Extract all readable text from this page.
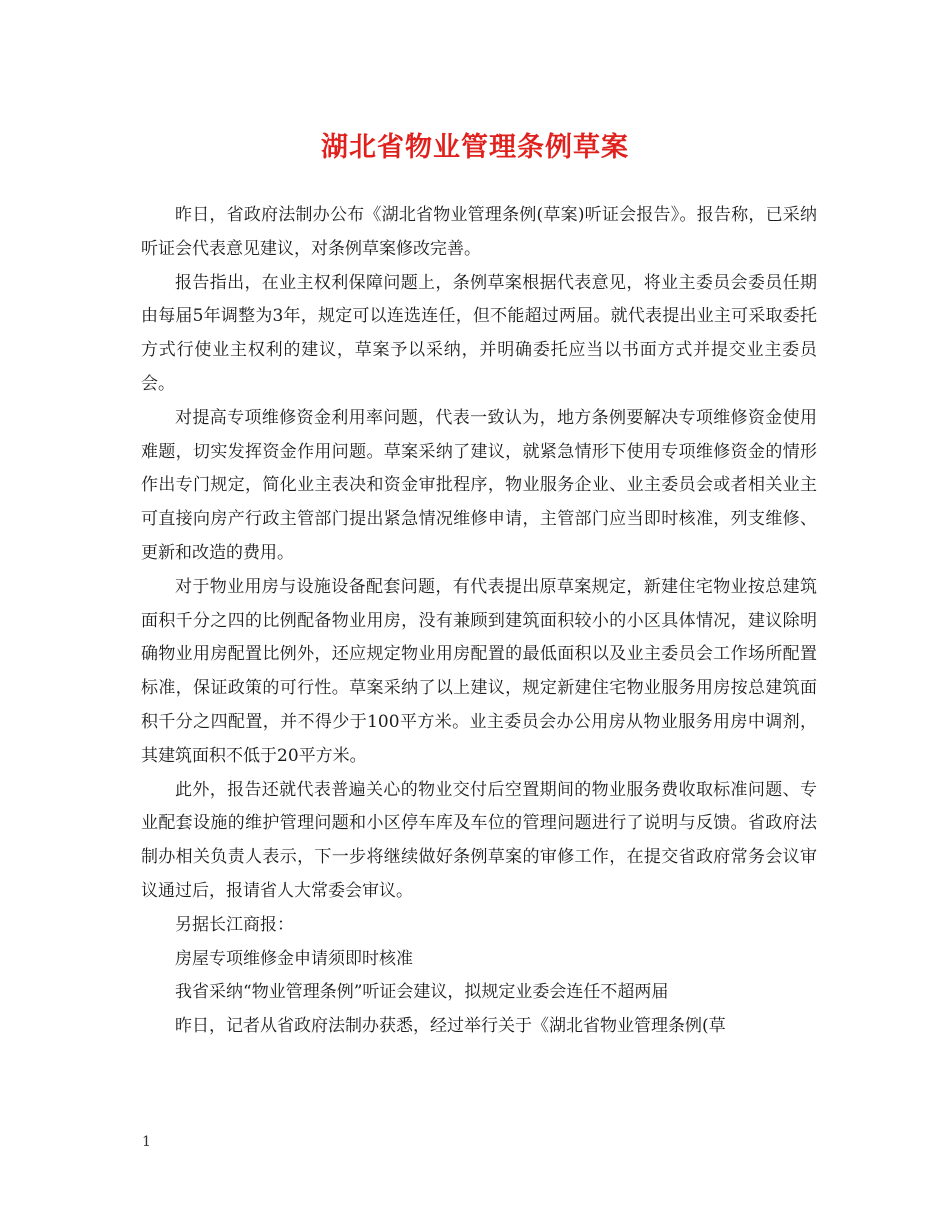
湖北省物业管理条例草案

昨日，省政府法制办公布《湖北省物业管理条例(草案)听证会报告》。报告称，已采纳听证会代表意见建议，对条例草案修改完善。

报告指出，在业主权利保障问题上，条例草案根据代表意见，将业主委员会委员任期由每届5年调整为3年，规定可以连选连任，但不能超过两届。就代表提出业主可采取委托方式行使业主权利的建议，草案予以采纳，并明确委托应当以书面方式并提交业主委员会。

对提高专项维修资金利用率问题，代表一致认为，地方条例要解决专项维修资金使用难题，切实发挥资金作用问题。草案采纳了建议，就紧急情形下使用专项维修资金的情形作出专门规定，简化业主表决和资金审批程序，物业服务企业、业主委员会或者相关业主可直接向房产行政主管部门提出紧急情况维修申请，主管部门应当即时核准，列支维修、更新和改造的费用。

对于物业用房与设施设备配套问题，有代表提出原草案规定，新建住宅物业按总建筑面积千分之四的比例配备物业用房，没有兼顾到建筑面积较小的小区具体情况，建议除明确物业用房配置比例外，还应规定物业用房配置的最低面积以及业主委员会工作场所配置标准，保证政策的可行性。草案采纳了以上建议，规定新建住宅物业服务用房按总建筑面积千分之四配置，并不得少于100平方米。业主委员会办公用房从物业服务用房中调剂，其建筑面积不低于20平方米。

此外，报告还就代表普遍关心的物业交付后空置期间的物业服务费收取标准问题、专业配套设施的维护管理问题和小区停车库及车位的管理问题进行了说明与反馈。省政府法制办相关负责人表示，下一步将继续做好条例草案的审修工作，在提交省政府常务会议审议通过后，报请省人大常委会审议。

另据长江商报：

房屋专项维修金申请须即时核准

我省采纳“物业管理条例”听证会建议，拟规定业委会连任不超两届

昨日，记者从省政府法制办获悉，经过举行关于《湖北省物业管理条例(草

1
